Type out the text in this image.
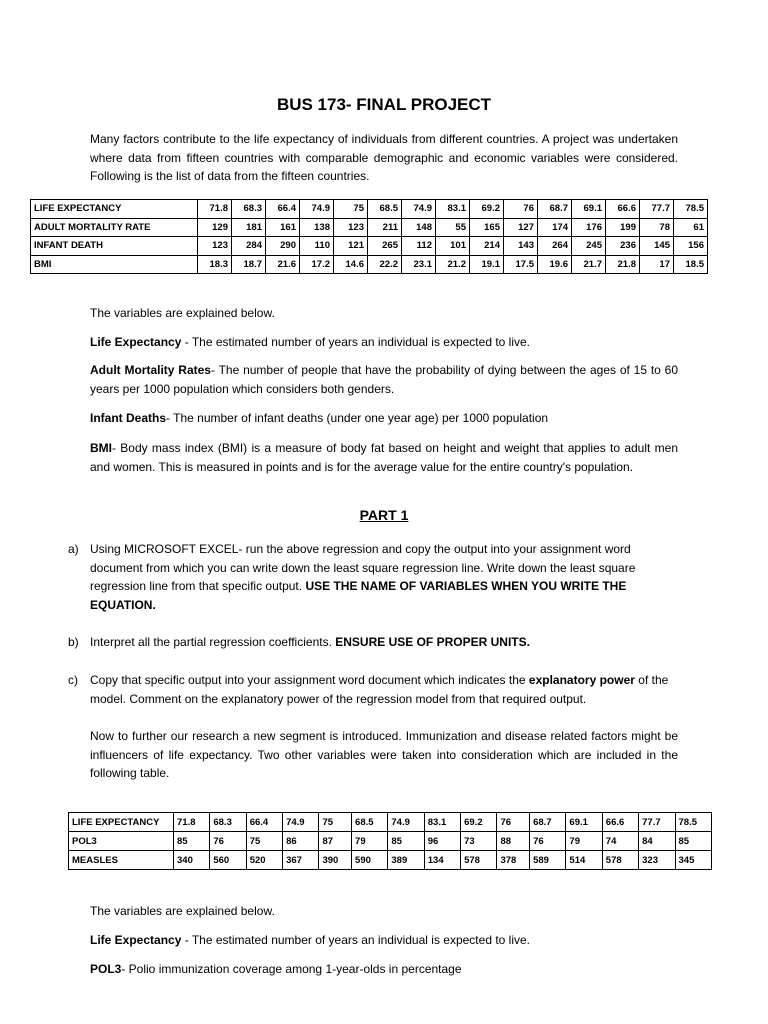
BUS 173- FINAL PROJECT

Many factors contribute to the life expectancy of individuals from different countries. A project was undertaken where data from fifteen countries with comparable demographic and economic variables were considered. Following is the list of data from the fifteen countries.

LIFE EXPECTANCY	71.8	68.3	66.4	74.9	75	68.5	74.9	83.1	69.2	76	68.7	69.1	66.6	77.7	78.5
ADULT MORTALITY RATE	129	181	161	138	123	211	148	55	165	127	174	176	199	78	61
INFANT DEATH	123	284	290	110	121	265	112	101	214	143	264	245	236	145	156
BMI	18.3	18.7	21.6	17.2	14.6	22.2	23.1	21.2	19.1	17.5	19.6	21.7	21.8	17	18.5

The variables are explained below.

Life Expectancy - The estimated number of years an individual is expected to live.

Adult Mortality Rates- The number of people that have the probability of dying between the ages of 15 to 60 years per 1000 population which considers both genders.

Infant Deaths- The number of infant deaths (under one year age) per 1000 population

BMI- Body mass index (BMI) is a measure of body fat based on height and weight that applies to adult men and women. This is measured in points and is for the average value for the entire country's population.

PART 1
a) Using MICROSOFT EXCEL- run the above regression and copy the output into your assignment word document from which you can write down the least square regression line. Write down the least square regression line from that specific output. USE THE NAME OF VARIABLES WHEN YOU WRITE THE EQUATION.
b) Interpret all the partial regression coefficients. ENSURE USE OF PROPER UNITS.
c) Copy that specific output into your assignment word document which indicates the explanatory power of the model. Comment on the explanatory power of the regression model from that required output.

Now to further our research a new segment is introduced. Immunization and disease related factors might be influencers of life expectancy. Two other variables were taken into consideration which are included in the following table.

LIFE EXPECTANCY	71.8	68.3	66.4	74.9	75	68.5	74.9	83.1	69.2	76	68.7	69.1	66.6	77.7	78.5
POL3	85	76	75	86	87	79	85	96	73	88	76	79	74	84	85
MEASLES	340	560	520	367	390	590	389	134	578	378	589	514	578	323	345

The variables are explained below.

Life Expectancy - The estimated number of years an individual is expected to live.

POL3- Polio immunization coverage among 1-year-olds in percentage
